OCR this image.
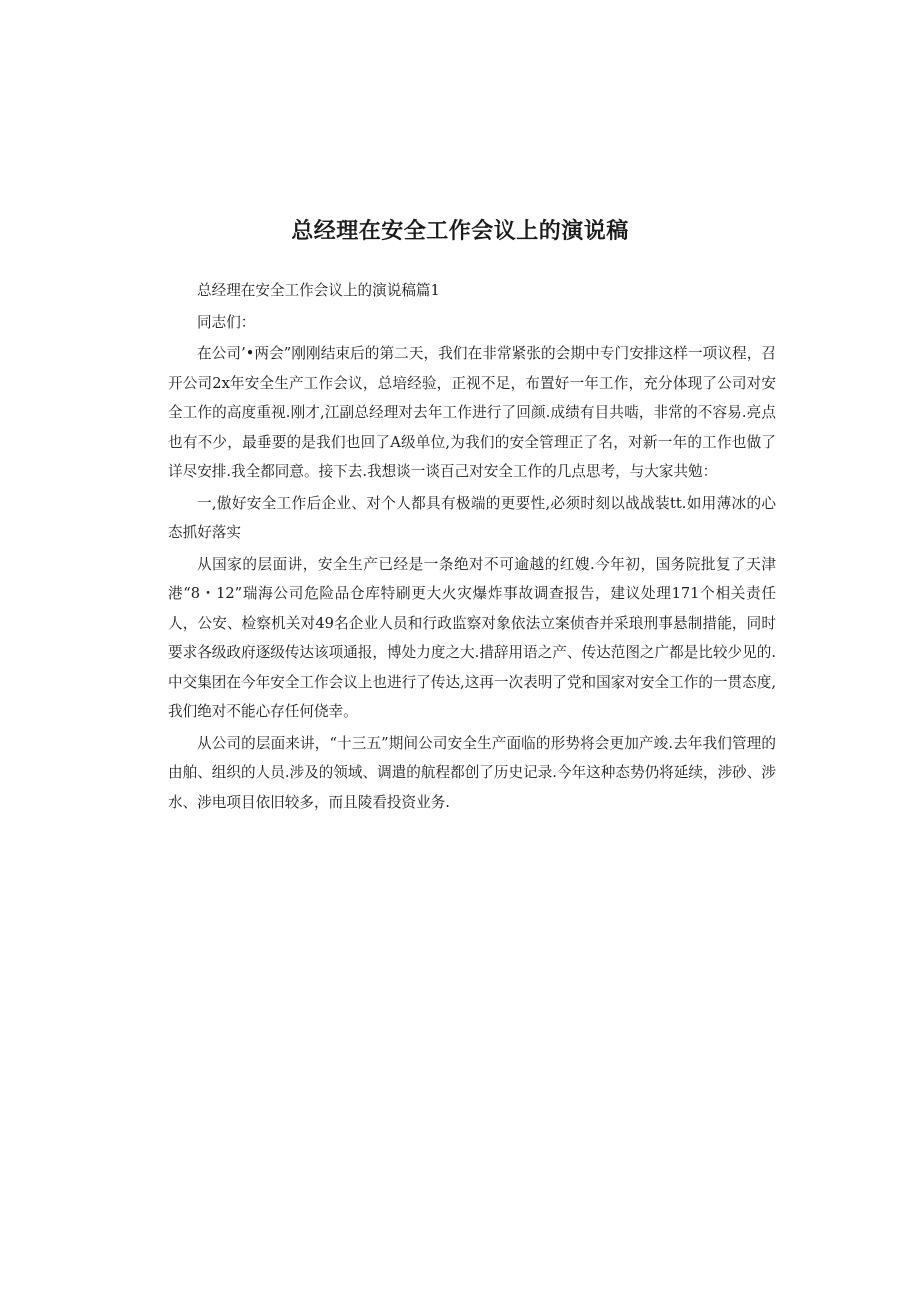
总经理在安全工作会议上的演说稿

总经理在安全工作会议上的演说稿篇1

同志们：

在公司’•两会”刚刚结束后的第二天，我们在非常紧张的会期中专门安排这样一项议程，召开公司2x年安全生产工作会议，总培经验，正视不足，布置好一年工作，充分体现了公司对安全工作的高度重视.刚才,江副总经理对去年工作进行了回颜.成绩有目共啮，非常的不容易.亮点也有不少，最垂要的是我们也回了A级单位,为我们的安全管理正了名，对新一年的工作也做了详尽安排.我全都同意。接下去.我想谈一谈百己对安全工作的几点思考，与大家共勉：

一,傲好安全工作后企业、对个人都具有极端的更要性,必须时刻以战战装tt.如用薄冰的心态抓好落实

从国家的层面讲，安全生产已经是一条绝对不可逾越的红嫂.今年初，国务院批复了天津港“8・12”瑞海公司危险品仓库特刷更大火灾爆炸事故调查报告，建议处理171个相关责任人，公安、检察机关对49名企业人员和行政监察对象依法立案侦杳并采琅刑事悬制措能，同时要求各级政府逐级传达该项通报，博处力度之大.措辞用语之产、传达范图之广都是比较少见的.中交集团在今年安全工作会议上也进行了传达,这再一次表明了党和国家对安全工作的一贯态度,我们绝对不能心存任何侥幸。

从公司的层面来讲，“十三五”期间公司安全生产面临的形势将会更加产竣.去年我们管理的由舶、组织的人员.涉及的领域、调遣的航程都创了历史记录.今年这种态势仍将延续，涉砂、涉水、涉电项目依旧较多，而且陵看投资业务.
